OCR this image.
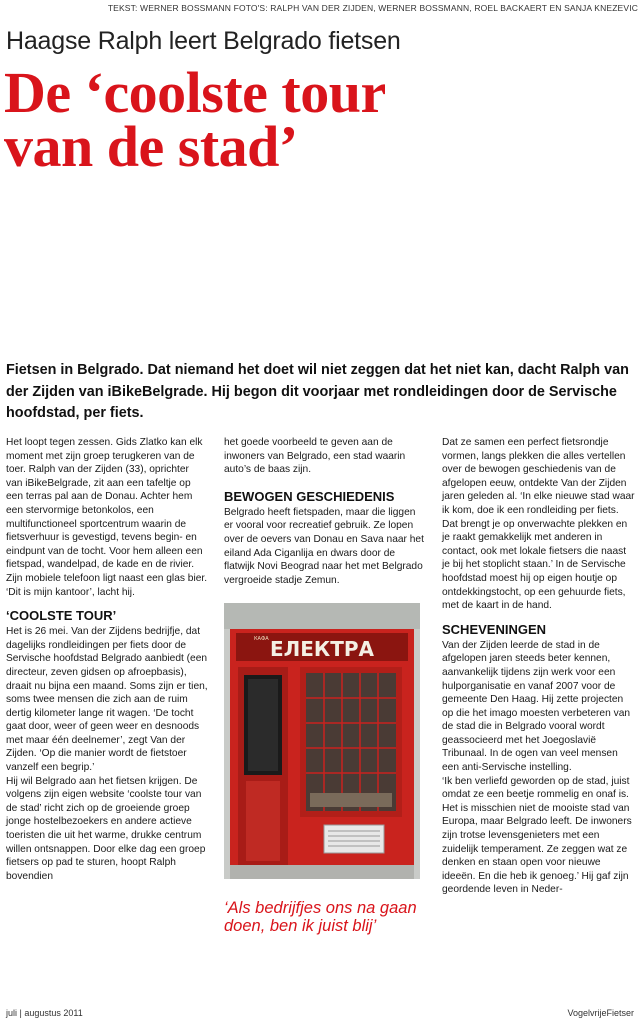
TEKST: WERNER BOSSMANN FOTO'S: RALPH VAN DER ZIJDEN, WERNER BOSSMANN, ROEL BACKAERT EN SANJA KNEZEVIC
Haagse Ralph leert Belgrado fietsen
De ‘coolste tour
van de stad’

Fietsen in Belgrado. Dat niemand het doet wil niet zeggen dat het niet kan, dacht Ralph van der Zijden van iBikeBelgrade. Hij begon dit voorjaar met rondleidingen door de Servische hoofdstad, per fiets.

Het loopt tegen zessen. Gids Zlatko kan elk moment met zijn groep terugkeren van de toer. Ralph van der Zijden (33), oprichter van iBikeBelgrade, zit aan een tafeltje op een terras pal aan de Donau. Achter hem een stervormige betonkolos, een multifunctioneel sportcentrum waarin de fietsverhuur is gevestigd, tevens begin- en eindpunt van de tocht. Voor hem alleen een fietspad, wandelpad, de kade en de rivier. Zijn mobiele telefoon ligt naast een glas bier. ‘Dit is mijn kantoor’, lacht hij.

‘COOLSTE TOUR’

Het is 26 mei. Van der Zijdens bedrijfje, dat dagelijks rondleidingen per fiets door de Servische hoofdstad Belgrado aanbiedt (een directeur, zeven gidsen op afroepbasis), draait nu bijna een maand. Soms zijn er tien, soms twee mensen die zich aan de ruim dertig kilometer lange rit wagen. ‘De tocht gaat door, weer of geen weer en desnoods met maar één deelnemer’, zegt Van der Zijden. ‘Op die manier wordt de fietstoer vanzelf een begrip.’

Hij wil Belgrado aan het fietsen krijgen. De volgens zijn eigen website ‘coolste tour van de stad’ richt zich op de groeiende groep jonge hostelbezoekers en andere actieve toeristen die uit het warme, drukke centrum willen ontsnappen. Door elke dag een groep fietsers op pad te sturen, hoopt Ralph bovendien

het goede voorbeeld te geven aan de inwoners van Belgrado, een stad waarin auto’s de baas zijn.

BEWOGEN GESCHIEDENIS

Belgrado heeft fietspaden, maar die liggen er vooral voor recreatief gebruik. Ze lopen over de oevers van Donau en Sava naar het eiland Ada Ciganlija en dwars door de flatwijk Novi Beograd naar het met Belgrado vergroeide stadje Zemun.

КАФА ЕЛЕКТРА

‘Als bedrijfjes ons na gaan doen, ben ik juist blij’

Dat ze samen een perfect fietsrondje vormen, langs plekken die alles vertellen over de bewogen geschiedenis van de afgelopen eeuw, ontdekte Van der Zijden jaren geleden al. ‘In elke nieuwe stad waar ik kom, doe ik een rondleiding per fiets. Dat brengt je op onverwachte plekken en je raakt gemakkelijk met anderen in contact, ook met lokale fietsers die naast je bij het stoplicht staan.’ In de Servische hoofdstad moest hij op eigen houtje op ontdekkingstocht, op een gehuurde fiets, met de kaart in de hand.

SCHEVENINGEN

Van der Zijden leerde de stad in de afgelopen jaren steeds beter kennen, aanvankelijk tijdens zijn werk voor een hulporganisatie en vanaf 2007 voor de gemeente Den Haag. Hij zette projecten op die het imago moesten verbeteren van de stad die in Belgrado vooral wordt geassocieerd met het Joegoslavië Tribunaal. In de ogen van veel mensen een anti-Servische instelling.

‘Ik ben verliefd geworden op de stad, juist omdat ze een beetje rommelig en onaf is. Het is misschien niet de mooiste stad van Europa, maar Belgrado leeft. De inwoners zijn trotse levensgenieters met een zuidelijk temperament. Ze zeggen wat ze denken en staan open voor nieuwe ideeën. En die heb ik genoeg.’ Hij gaf zijn geordende leven in Neder-

juli | augustus 2011	VogelvrijeFietser
